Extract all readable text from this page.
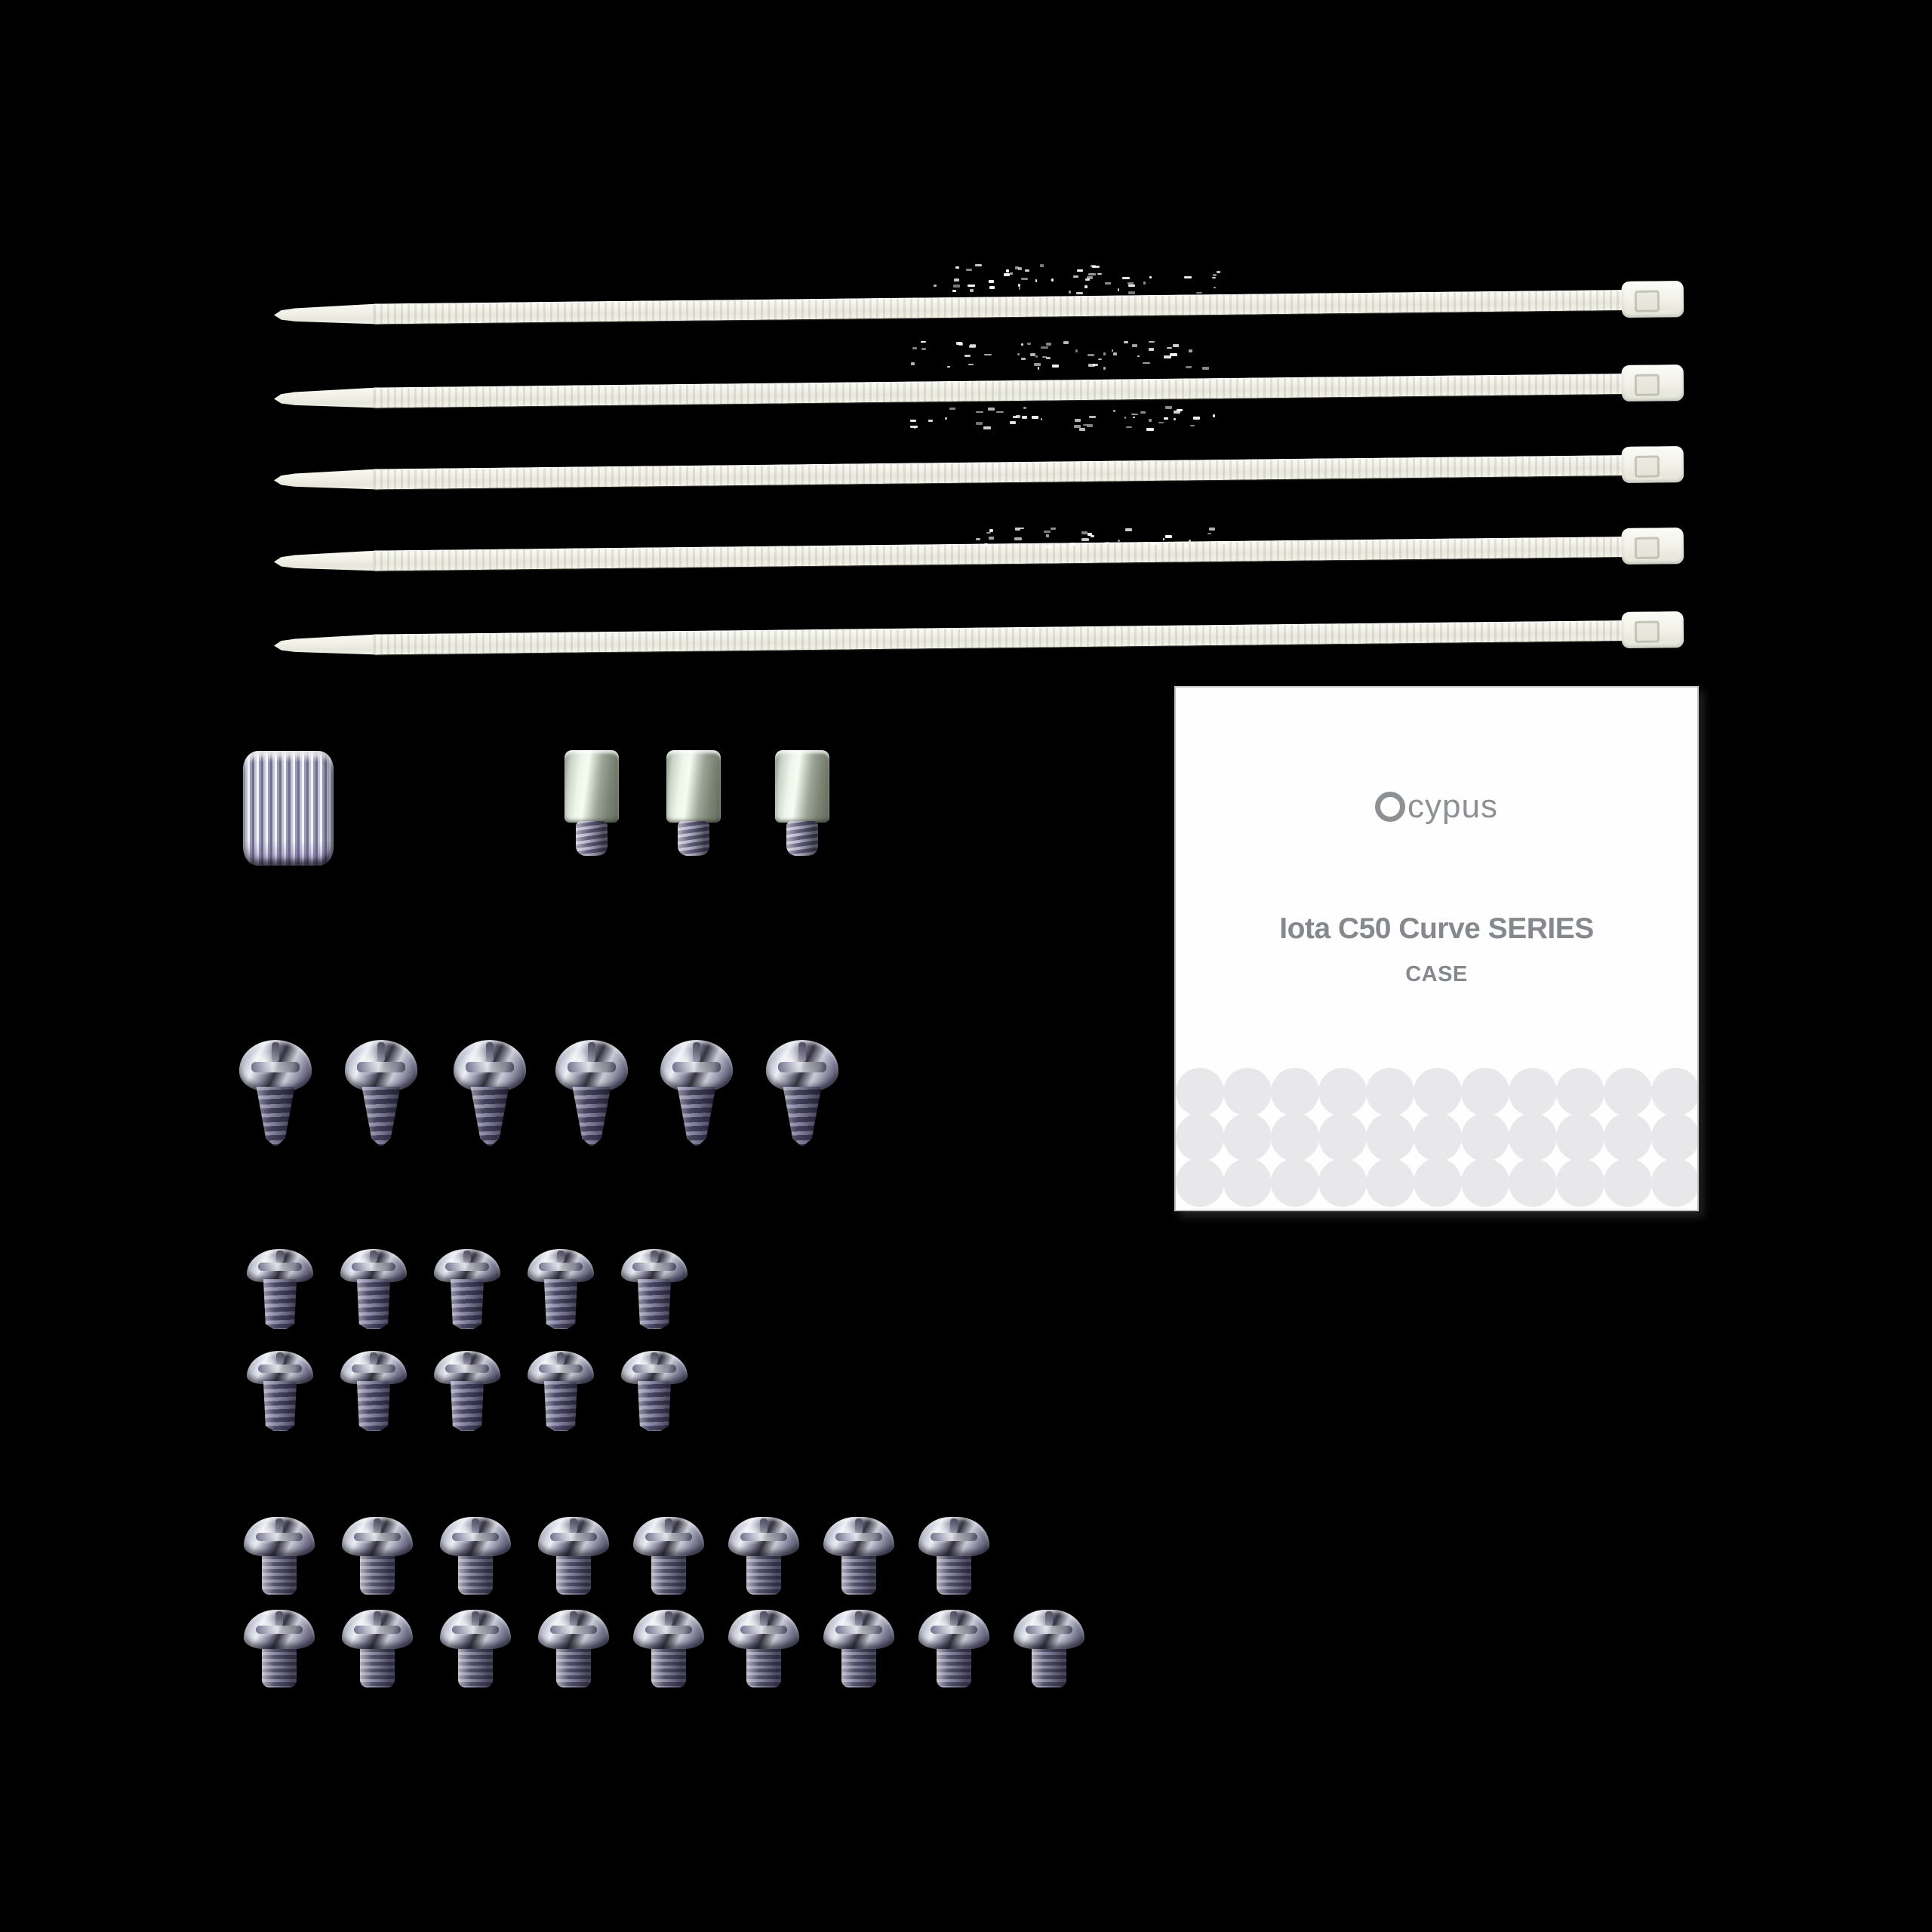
cypus
Iota C50 Curve SERIES
CASE
